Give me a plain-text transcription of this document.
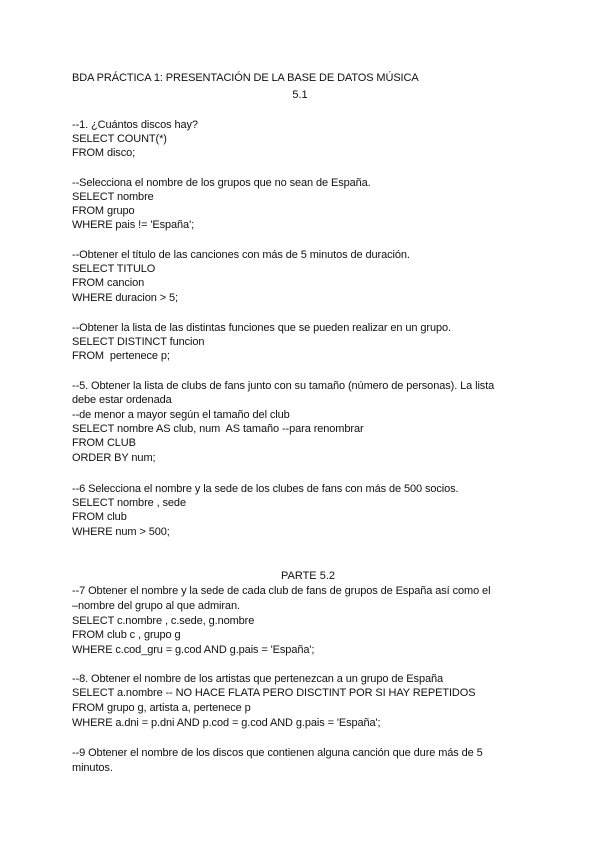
BDA PRÁCTICA 1: PRESENTACIÓN DE LA BASE DE DATOS MÚSICA
5.1
--1. ¿Cuántos discos hay?
SELECT COUNT(*)
FROM disco;
--Selecciona el nombre de los grupos que no sean de España.
SELECT nombre
FROM grupo
WHERE pais != 'España';
--Obtener el título de las canciones con más de 5 minutos de duración.
SELECT TITULO
FROM cancion
WHERE duracion > 5;
--Obtener la lista de las distintas funciones que se pueden realizar en un grupo.
SELECT DISTINCT funcion
FROM  pertenece p;
--5. Obtener la lista de clubs de fans junto con su tamaño (número de personas). La lista
debe estar ordenada
--de menor a mayor según el tamaño del club
SELECT nombre AS club, num  AS tamaño --para renombrar
FROM CLUB
ORDER BY num;
--6 Selecciona el nombre y la sede de los clubes de fans con más de 500 socios.
SELECT nombre , sede
FROM club
WHERE num > 500;
PARTE 5.2
--7 Obtener el nombre y la sede de cada club de fans de grupos de España así como el
–nombre del grupo al que admiran.
SELECT c.nombre , c.sede, g.nombre
FROM club c , grupo g
WHERE c.cod_gru = g.cod AND g.pais = 'España';
--8. Obtener el nombre de los artistas que pertenezcan a un grupo de España
SELECT a.nombre -- NO HACE FLATA PERO DISCTINT POR SI HAY REPETIDOS
FROM grupo g, artista a, pertenece p
WHERE a.dni = p.dni AND p.cod = g.cod AND g.pais = 'España';
--9 Obtener el nombre de los discos que contienen alguna canción que dure más de 5
minutos.
